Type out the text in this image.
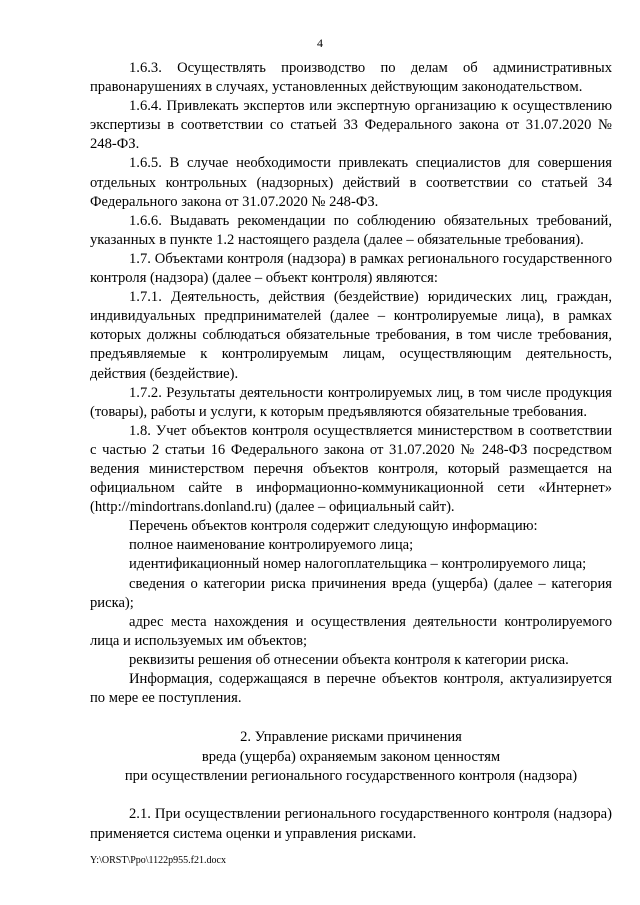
4

1.6.3. Осуществлять производство по делам об административных правонарушениях в случаях, установленных действующим законодательством.

1.6.4. Привлекать экспертов или экспертную организацию к осуществлению экспертизы в соответствии со статьей 33 Федерального закона от 31.07.2020 № 248-ФЗ.

1.6.5. В случае необходимости привлекать специалистов для совершения отдельных контрольных (надзорных) действий в соответствии со статьей 34 Федерального закона от 31.07.2020 № 248-ФЗ.

1.6.6. Выдавать рекомендации по соблюдению обязательных требований, указанных в пункте 1.2 настоящего раздела (далее – обязательные требования).

1.7. Объектами контроля (надзора) в рамках регионального государственного контроля (надзора) (далее – объект контроля) являются:

1.7.1. Деятельность, действия (бездействие) юридических лиц, граждан, индивидуальных предпринимателей (далее – контролируемые лица), в рамках которых должны соблюдаться обязательные требования, в том числе требования, предъявляемые к контролируемым лицам, осуществляющим деятельность, действия (бездействие).

1.7.2. Результаты деятельности контролируемых лиц, в том числе продукция (товары), работы и услуги, к которым предъявляются обязательные требования.

1.8. Учет объектов контроля осуществляется министерством в соответствии с частью 2 статьи 16 Федерального закона от 31.07.2020 № 248-ФЗ посредством ведения министерством перечня объектов контроля, который размещается на официальном сайте в информационно-коммуникационной сети «Интернет» (http://mindortrans.donland.ru) (далее – официальный сайт).

Перечень объектов контроля содержит следующую информацию:

полное наименование контролируемого лица;

идентификационный номер налогоплательщика – контролируемого лица;

сведения о категории риска причинения вреда (ущерба) (далее – категория риска);

адрес места нахождения и осуществления деятельности контролируемого лица и используемых им объектов;

реквизиты решения об отнесении объекта контроля к категории риска.

Информация, содержащаяся в перечне объектов контроля, актуализируется по мере ее поступления.

2. Управление рисками причинения
вреда (ущерба) охраняемым законом ценностям
при осуществлении регионального государственного контроля (надзора)

2.1. При осуществлении регионального государственного контроля (надзора) применяется система оценки и управления рисками.

Y:\ORST\Ppo\1122p955.f21.docx
